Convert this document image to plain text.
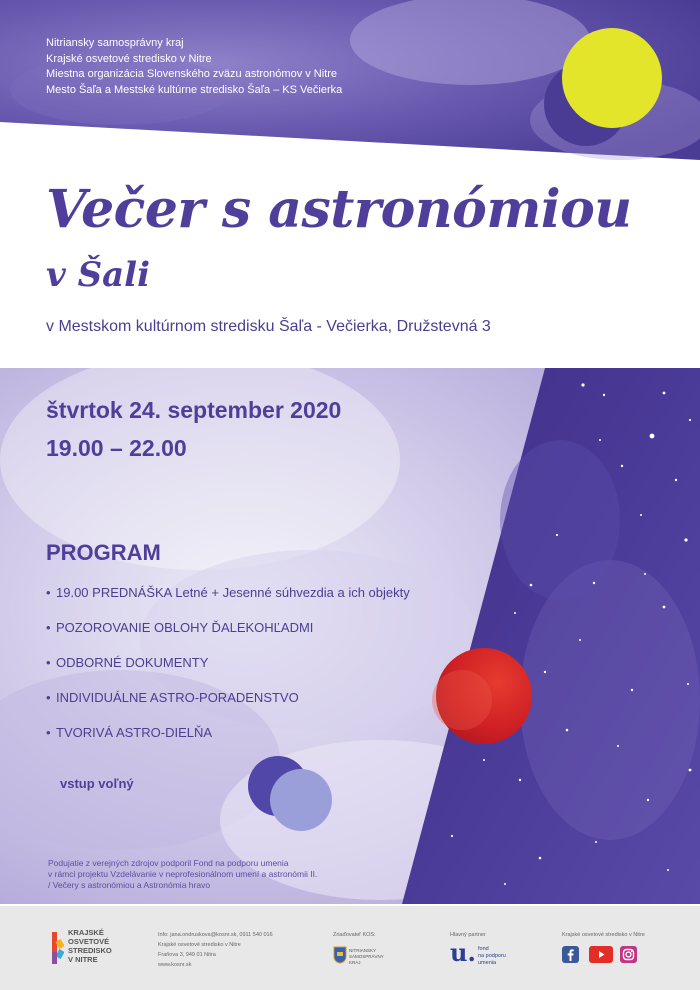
Nitriansky samosprávny kraj
Krajské osvetové stredisko v Nitre
Miestna organizácia Slovenského zväzu astronómov v Nitre
Mesto Šaľa a Mestské kultúrne stredisko Šaľa – KS Večierka
Večer s astronómiou
v Šali
v Mestskom kultúrnom stredisku Šaľa - Večierka, Družstevná 3
štvrtok 24. september 2020
19.00 – 22.00
PROGRAM
• 19.00 PREDNÁŠKA Letné + Jesenné súhvezdia a ich objekty
• POZOROVANIE OBLOHY ĎALEKOHĽADMI
• ODBORNÉ DOKUMENTY
• INDIVIDUÁLNE ASTRO-PORADENSTVO
• TVORIVÁ ASTRO-DIELŇA
vstup voľný
Podujatie z verejných zdrojov podporil Fond na podporu umenia
v rámci projektu Vzdelávanie v neprofesionálnom umení a astronómii II.
/ Večery s astronómiou a Astronómia hravo
KRAJSKÉ
OSVETOVÉ
STREDISKO
V NITRE
Info: jana.ondruskova@kosnr.sk, 0911 540 016
Krajské osvetové stredisko v Nitre
Fraňova 3, 949 01 Nitra
www.kosnr.sk
Zriaďovateľ KOS:
NITRIANSKY
SAMOSPRÁVNY
KRAJ
Hlavný partner
u. fond
na podporu
umenia
Krajské osvetové stredisko v Nitre
